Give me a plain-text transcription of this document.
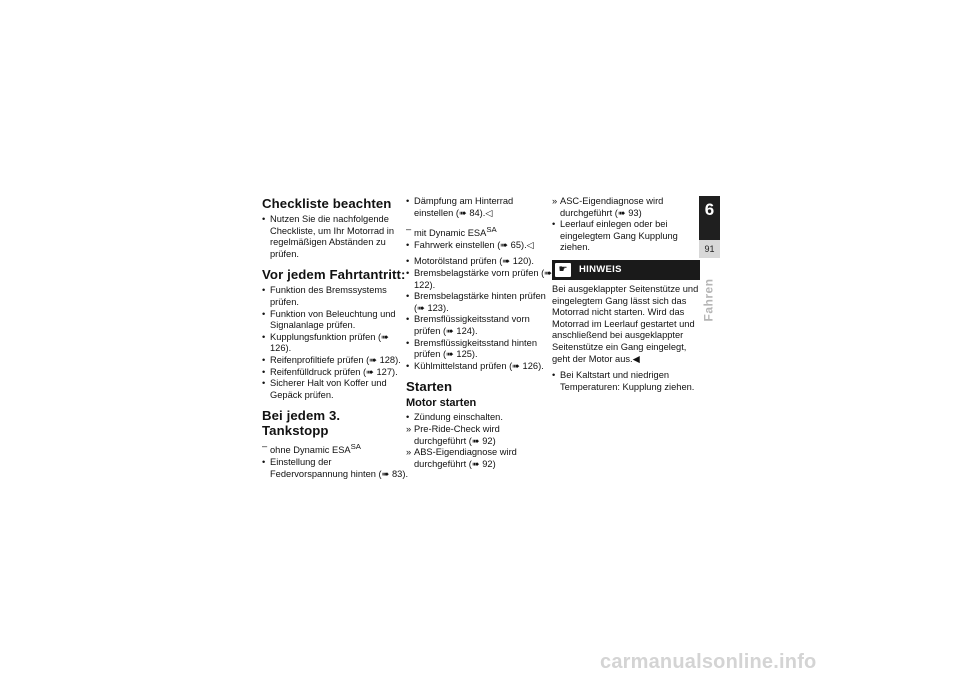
Checkliste beachten
• Nutzen Sie die nachfolgende Checkliste, um Ihr Motorrad in regelmäßigen Abständen zu prüfen.
Vor jedem Fahrtantritt:
• Funktion des Bremssystems prüfen.
• Funktion von Beleuchtung und Signalanlage prüfen.
• Kupplungsfunktion prüfen (➠ 126).
• Reifenprofiltiefe prüfen (➠ 128).
• Reifenfülldruck prüfen (➠ 127).
• Sicherer Halt von Koffer und Gepäck prüfen.
Bei jedem 3. Tankstopp
– ohne Dynamic $ESA^{SA}$
• Einstellung der Federvorspannung hinten (➠ 83).
• Dämpfung am Hinterrad einstellen (➠ 84).◁
– mit Dynamic $ESA^{SA}$
• Fahrwerk einstellen (➠ 65).◁
• Motorölstand prüfen (➠ 120).
• Bremsbelagstärke vorn prüfen (➠ 122).
• Bremsbelagstärke hinten prüfen (➠ 123).
• Bremsflüssigkeitsstand vorn prüfen (➠ 124).
• Bremsflüssigkeitsstand hinten prüfen (➠ 125).
• Kühlmittelstand prüfen (➠ 126).
Starten
Motor starten
• Zündung einschalten.
» Pre-Ride-Check wird durchgeführt (➠ 92)
» ABS-Eigendiagnose wird durchgeführt (➠ 92)
» ASC-Eigendiagnose wird durchgeführt (➠ 93)
• Leerlauf einlegen oder bei eingelegtem Gang Kupplung ziehen.
☛	HINWEIS

Bei ausgeklappter Seitenstütze und eingelegtem Gang lässt sich das Motorrad nicht starten. Wird das Motorrad im Leerlauf gestartet und anschließend bei ausgeklappter Seitenstütze ein Gang eingelegt, geht der Motor aus.◀

• Bei Kaltstart und niedrigen Temperaturen: Kupplung ziehen.
6
91
Fahren
carmanualsonline.info
